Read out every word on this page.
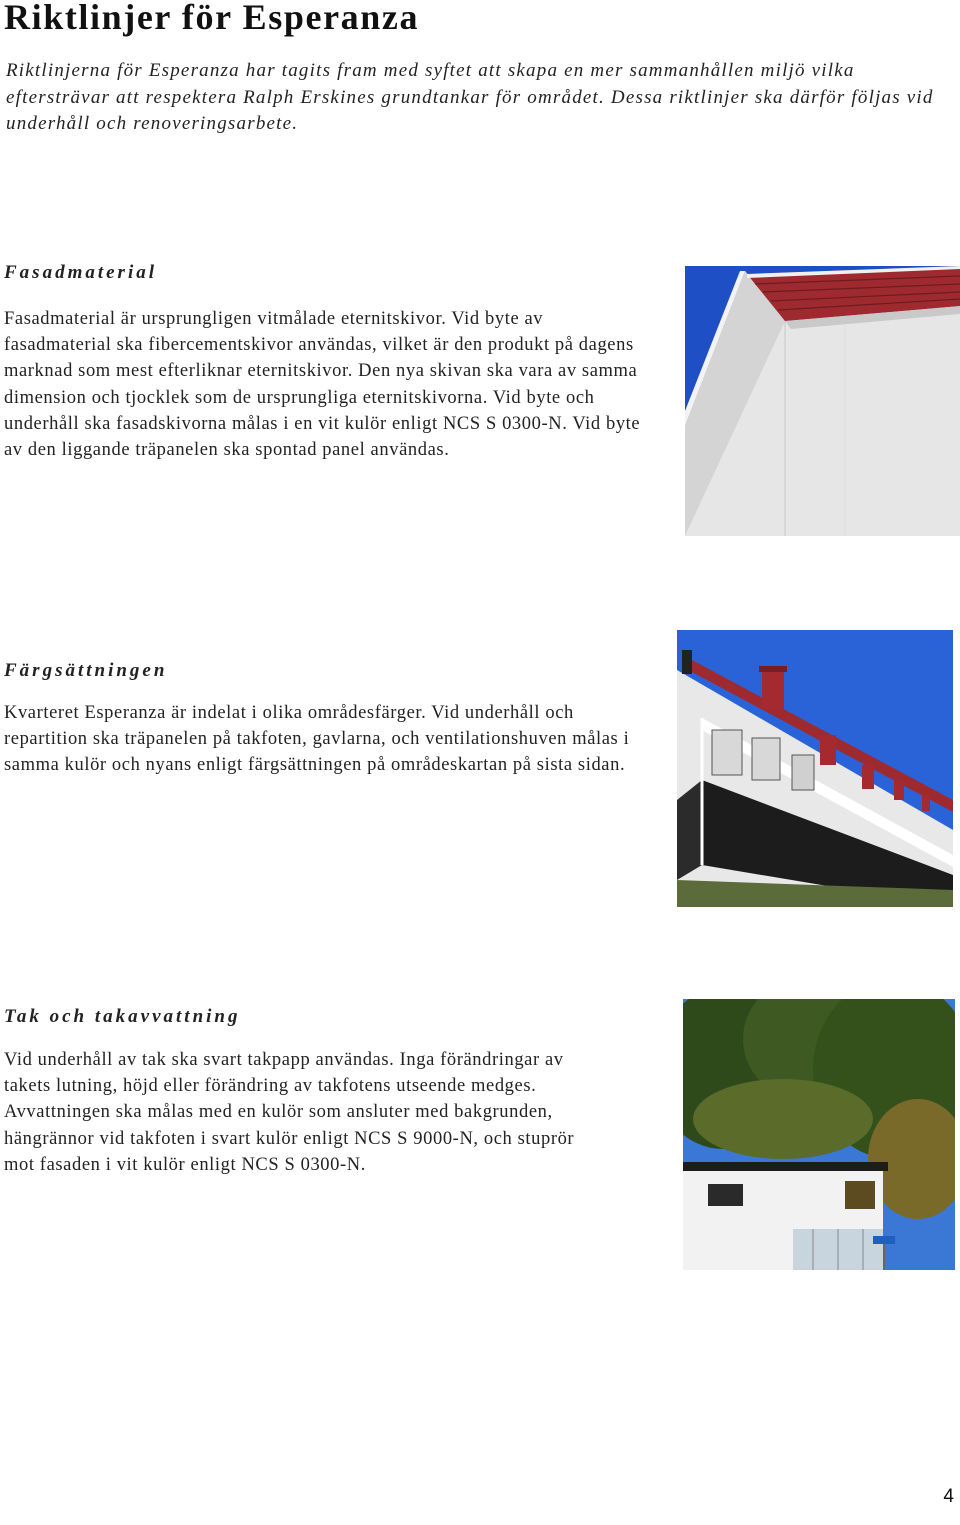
Riktlinjer för Esperanza

Riktlinjerna för Esperanza har tagits fram med syftet att skapa en mer sammanhållen miljö vilka eftersträvar att respektera Ralph Erskines grundtankar för området. Dessa riktlinjer ska därför följas vid underhåll och renoveringsarbete.

Fasadmaterial

Fasadmaterial är ursprungligen vitmålade eternitskivor. Vid byte av fasadmaterial ska fibercementskivor användas, vilket är den produkt på dagens marknad som mest efterliknar eternitskivor. Den nya skivan ska vara av samma dimension och tjocklek som de ursprungliga eternitskivorna. Vid byte och underhåll ska fasadskivorna målas i en vit kulör enligt NCS S 0300-N. Vid byte av den liggande träpanelen ska spontad panel användas.

Färgsättningen

Kvarteret Esperanza är indelat i olika områdesfärger. Vid underhåll och repartition ska träpanelen på takfoten, gavlarna, och ventilationshuven målas i samma kulör och nyans enligt färgsättningen på områdeskartan på sista sidan.

Tak och takavvattning

Vid underhåll av tak ska svart takpapp användas. Inga förändringar av takets lutning, höjd eller förändring av takfotens utseende medges. Avvattningen ska målas med en kulör som ansluter med bakgrunden, hängrännor vid takfoten i svart kulör enligt NCS S 9000-N, och stuprör mot fasaden i vit kulör enligt NCS S 0300-N.

4
